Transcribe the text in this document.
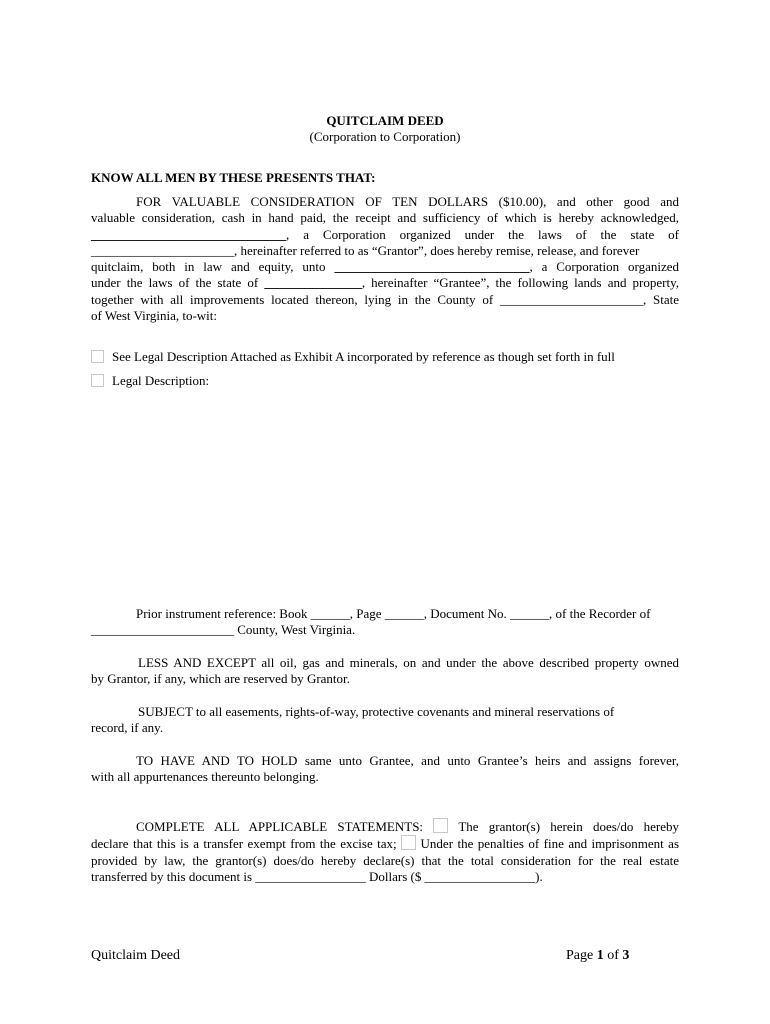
QUITCLAIM DEED
(Corporation to Corporation)
KNOW ALL MEN BY THESE PRESENTS THAT:
FOR VALUABLE CONSIDERATION OF TEN DOLLARS ($10.00), and other good and
valuable consideration, cash in hand paid, the receipt and sufficiency of which is hereby acknowledged,
______________________________, a Corporation organized under the laws of the state of
______________________, hereinafter referred to as “Grantor”, does hereby remise, release, and forever
quitclaim, both in law and equity, unto ______________________________, a Corporation organized
under the laws of the state of _______________, hereinafter “Grantee”, the following lands and property,
together with all improvements located thereon, lying in the County of ______________________, State
of West Virginia, to-wit:
See Legal Description Attached as Exhibit A incorporated by reference as though set forth in full
Legal Description:
Prior instrument reference: Book ______, Page ______, Document No. ______, of the Recorder of
______________________ County, West Virginia.
LESS AND EXCEPT all oil, gas and minerals, on and under the above described property owned
by Grantor, if any, which are reserved by Grantor.
SUBJECT to all easements, rights-of-way, protective covenants and mineral reservations of
record, if any.
TO HAVE AND TO HOLD same unto Grantee, and unto Grantee’s heirs and assigns forever,
with all appurtenances thereunto belonging.
COMPLETE ALL APPLICABLE STATEMENTS:	The grantor(s) herein does/do hereby
declare that this is a transfer exempt from the excise tax; Under the penalties of fine and imprisonment as
provided by law, the grantor(s) does/do hereby declare(s) that the total consideration for the real estate
transferred by this document is _________________ Dollars ($ _________________).
Quitclaim Deed	Page 1 of 3
